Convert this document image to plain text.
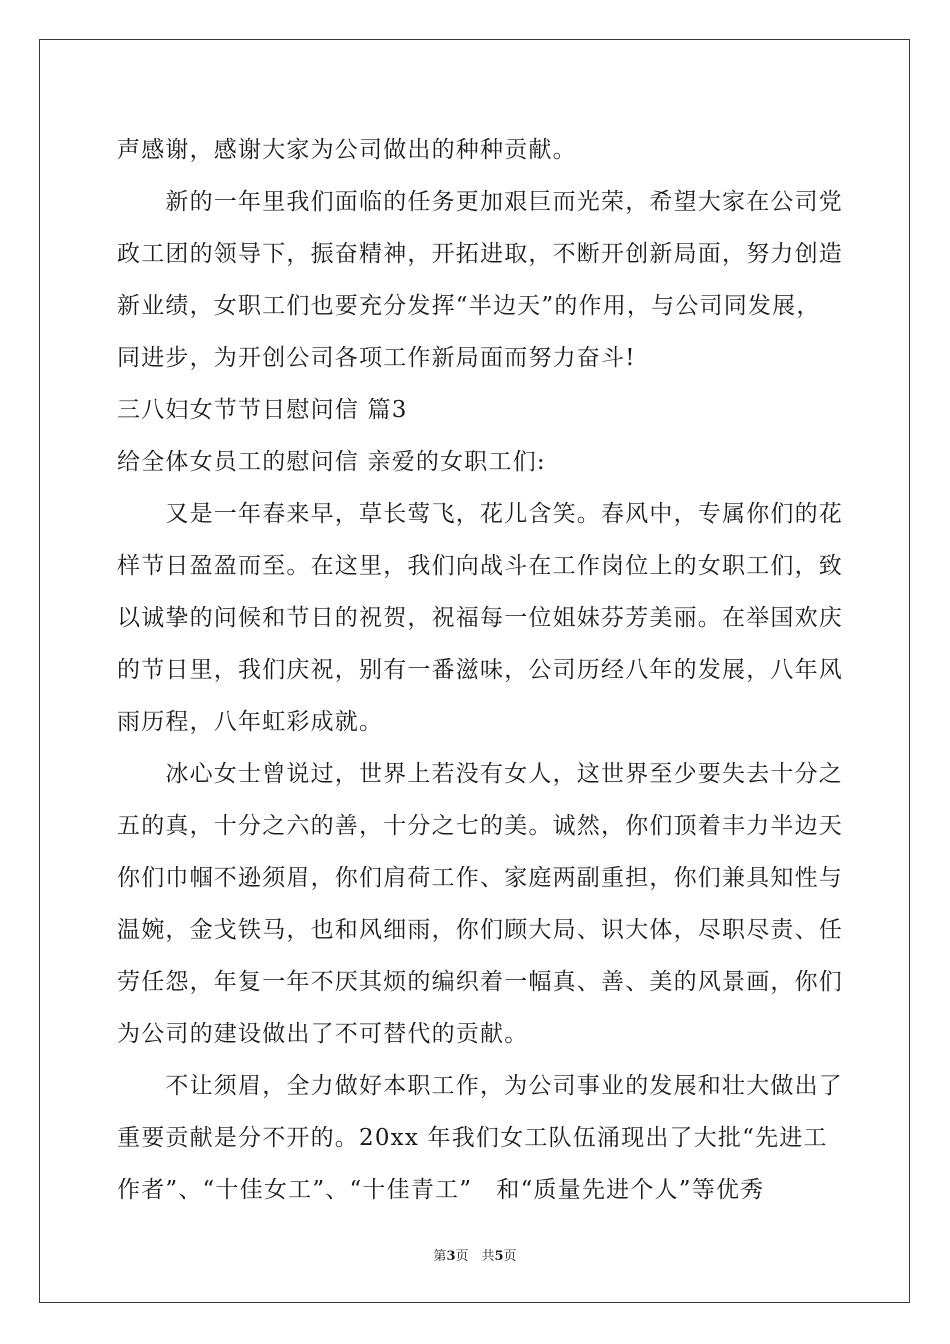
声感谢，感谢大家为公司做出的种种贡献。
　　新的一年里我们面临的任务更加艰巨而光荣，希望大家在公司党
政工团的领导下，振奋精神，开拓进取，不断开创新局面，努力创造
新业绩，女职工们也要充分发挥“半边天”的作用，与公司同发展，
同进步，为开创公司各项工作新局面而努力奋斗!
三八妇女节节日慰问信 篇3
给全体女员工的慰问信 亲爱的女职工们:
　　又是一年春来早，草长莺飞，花儿含笑。春风中，专属你们的花
样节日盈盈而至。在这里，我们向战斗在工作岗位上的女职工们，致
以诚挚的问候和节日的祝贺，祝福每一位姐妹芬芳美丽。在举国欢庆
的节日里，我们庆祝，别有一番滋味，公司历经八年的发展，八年风
雨历程，八年虹彩成就。
　　冰心女士曾说过，世界上若没有女人，这世界至少要失去十分之
五的真，十分之六的善，十分之七的美。诚然，你们顶着丰力半边天
你们巾帼不逊须眉，你们肩荷工作、家庭两副重担，你们兼具知性与
温婉，金戈铁马，也和风细雨，你们顾大局、识大体，尽职尽责、任
劳任怨，年复一年不厌其烦的编织着一幅真、善、美的风景画，你们
为公司的建设做出了不可替代的贡献。
　　不让须眉，全力做好本职工作，为公司事业的发展和壮大做出了
重要贡献是分不开的。20xx 年我们女工队伍涌现出了大批“先进工
作者”、“十佳女工”、“十佳青工”　和“质量先进个人”等优秀
第3页　共5页
